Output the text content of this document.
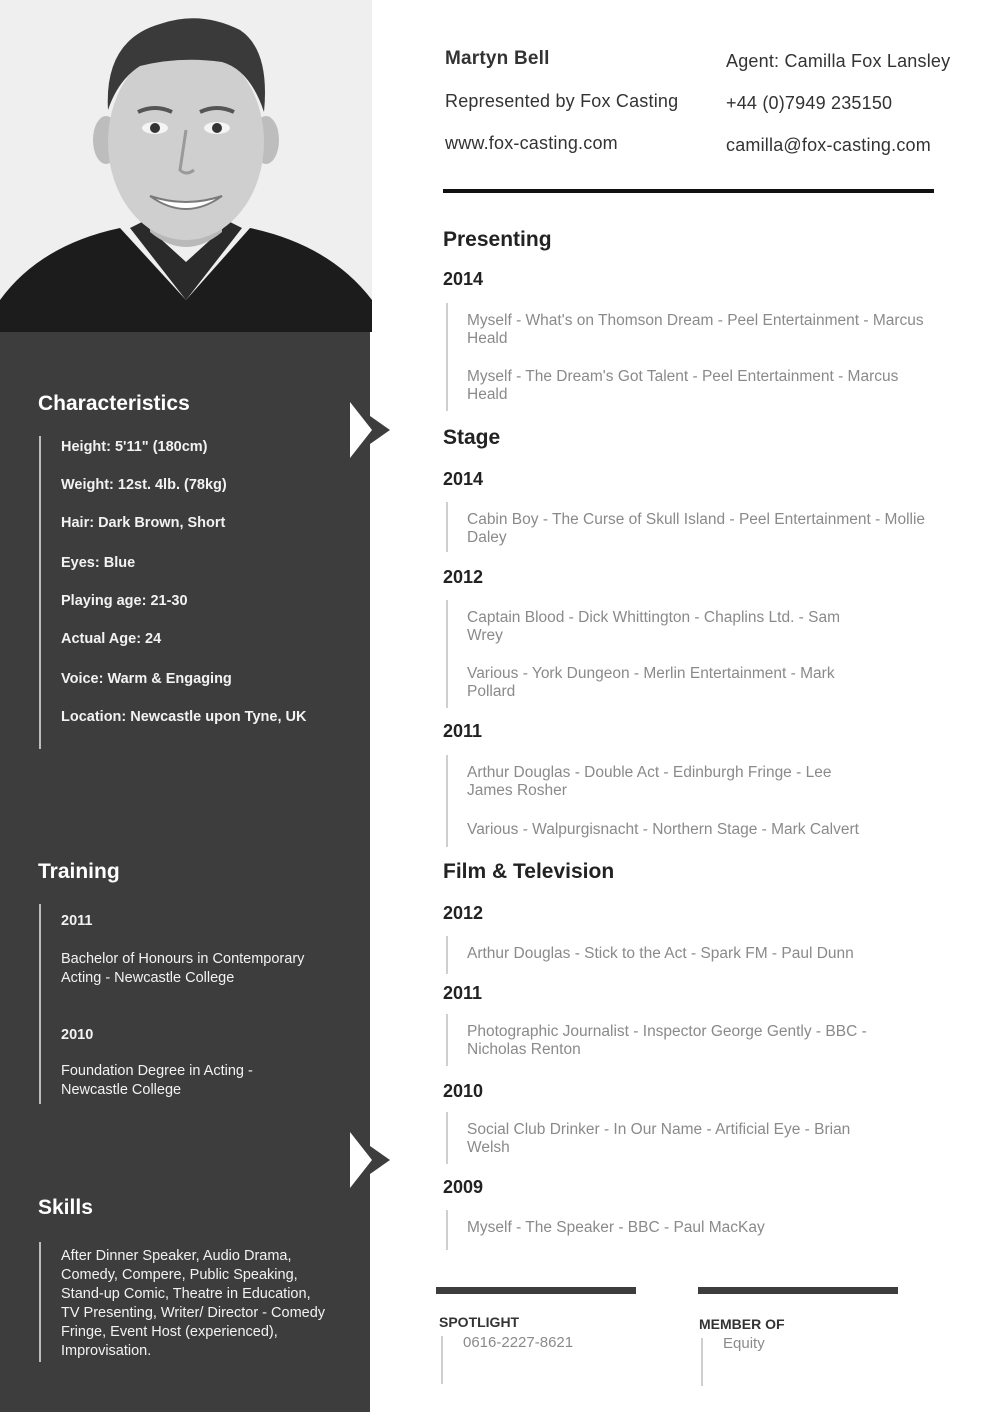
Characteristics
Height: 5'11" (180cm)
Weight: 12st. 4lb. (78kg)
Hair: Dark Brown, Short
Eyes: Blue
Playing age: 21-30
Actual Age: 24
Voice: Warm & Engaging
Location: Newcastle upon Tyne, UK
Training
2011
Bachelor of Honours in Contemporary Acting - Newcastle College
2010
Foundation Degree in Acting - Newcastle College
Skills
After Dinner Speaker, Audio Drama, Comedy, Compere, Public Speaking, Stand-up Comic, Theatre in Education, TV Presenting, Writer/ Director - Comedy Fringe, Event Host (experienced), Improvisation.
Martyn Bell
Represented by Fox Casting
www.fox-casting.com
Agent: Camilla Fox Lansley
+44 (0)7949 235150
camilla@fox-casting.com
Presenting
2014
Myself - What's on Thomson Dream - Peel Entertainment - Marcus Heald
Myself - The Dream's Got Talent - Peel Entertainment - Marcus Heald
Stage
2014
Cabin Boy - The Curse of Skull Island - Peel Entertainment - Mollie Daley
2012
Captain Blood - Dick Whittington - Chaplins Ltd. - Sam Wrey
Various - York Dungeon - Merlin Entertainment - Mark Pollard
2011
Arthur Douglas - Double Act - Edinburgh Fringe - Lee James Rosher
Various - Walpurgisnacht - Northern Stage - Mark Calvert
Film & Television
2012
Arthur Douglas - Stick to the Act - Spark FM - Paul Dunn
2011
Photographic Journalist - Inspector George Gently - BBC - Nicholas Renton
2010
Social Club Drinker - In Our Name - Artificial Eye - Brian Welsh
2009
Myself - The Speaker - BBC - Paul MacKay
SPOTLIGHT
0616-2227-8621
MEMBER OF
Equity
